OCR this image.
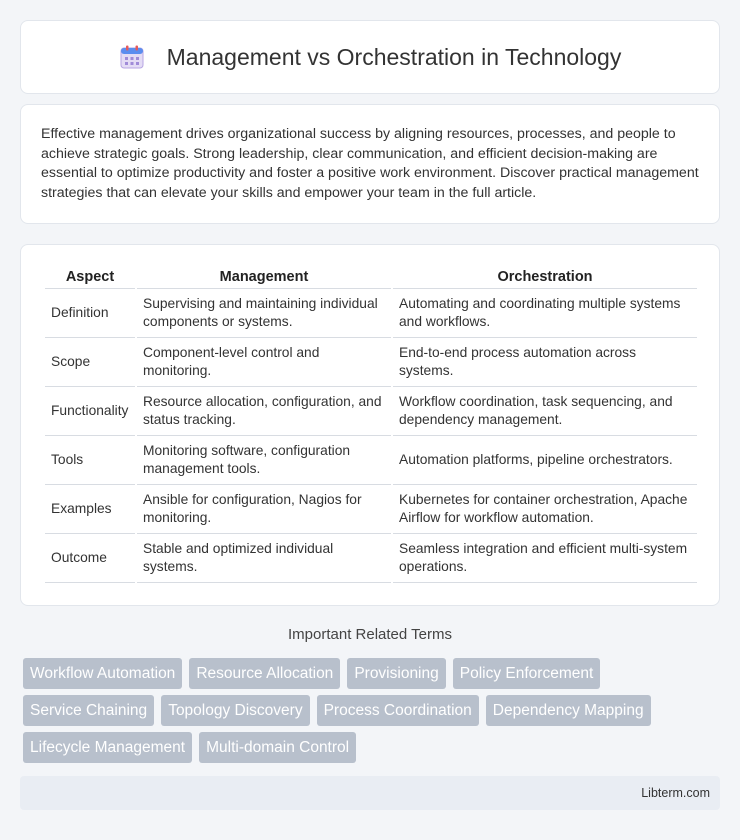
Management vs Orchestration in Technology

Effective management drives organizational success by aligning resources, processes, and people to achieve strategic goals. Strong leadership, clear communication, and efficient decision-making are essential to optimize productivity and foster a positive work environment. Discover practical management strategies that can elevate your skills and empower your team in the full article.

Aspect	Management	Orchestration
Definition	Supervising and maintaining individual components or systems.	Automating and coordinating multiple systems and workflows.
Scope	Component-level control and monitoring.	End-to-end process automation across systems.
Functionality	Resource allocation, configuration, and status tracking.	Workflow coordination, task sequencing, and dependency management.
Tools	Monitoring software, configuration management tools.	Automation platforms, pipeline orchestrators.
Examples	Ansible for configuration, Nagios for monitoring.	Kubernetes for container orchestration, Apache Airflow for workflow automation.
Outcome	Stable and optimized individual systems.	Seamless integration and efficient multi-system operations.
Important Related Terms
Workflow Automation	Resource Allocation	Provisioning	Policy Enforcement
Service Chaining	Topology Discovery	Process Coordination	Dependency Mapping
Lifecycle Management	Multi-domain Control
Libterm.com
